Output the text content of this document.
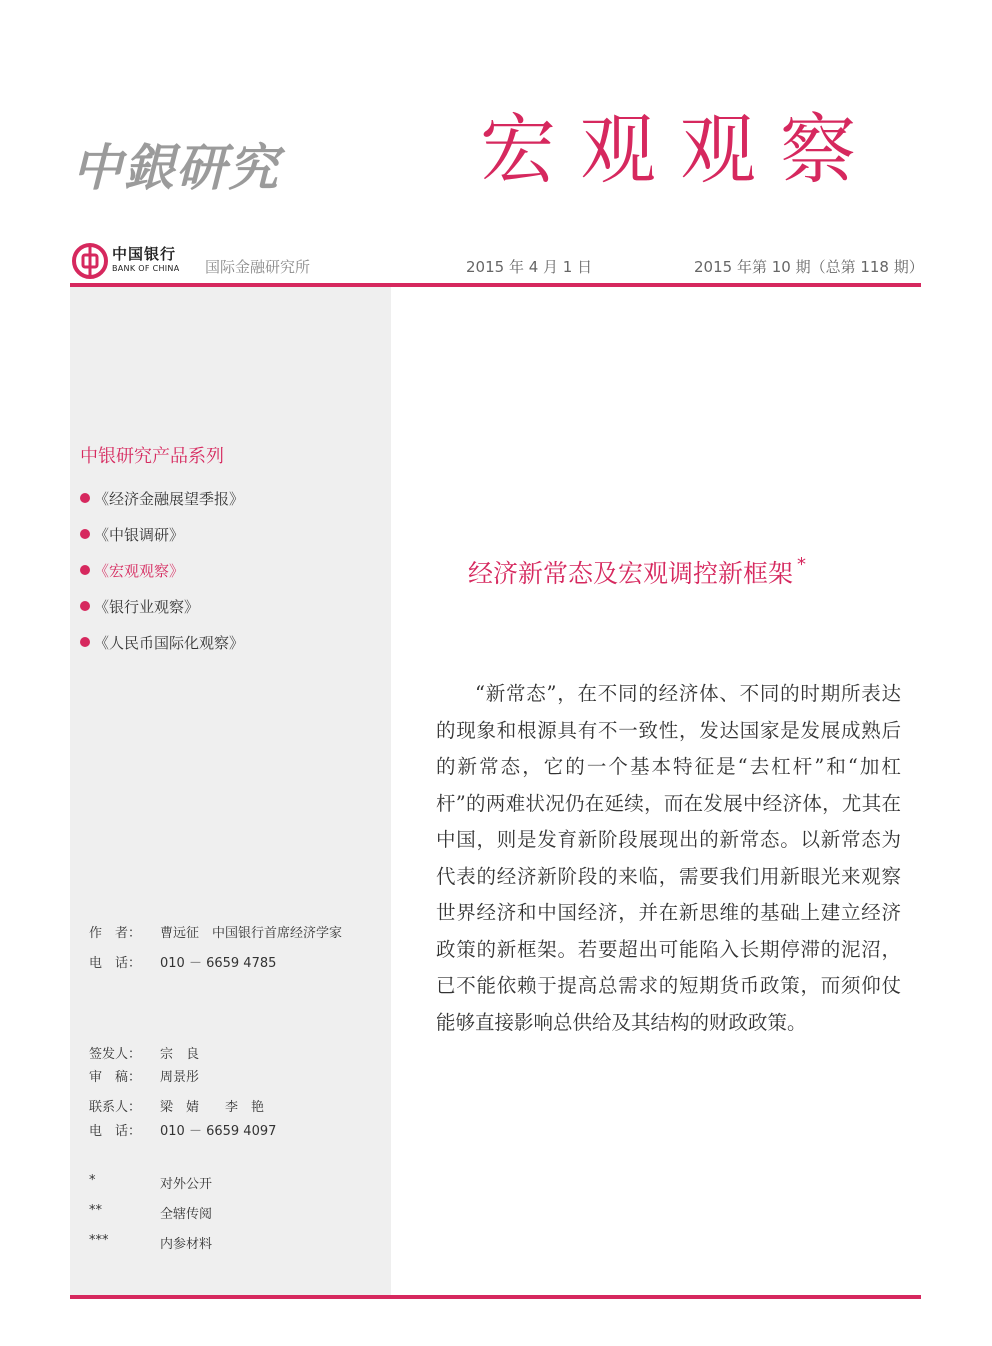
中銀研究	宏观观察
中国银行
BANK OF CHINA 国际金融研究所	2015 年 4 月 1 日	2015 年第 10 期（总第 118 期）
中银研究产品系列
《经济金融展望季报》
《中银调研》
《宏观观察》
《银行业观察》
《人民币国际化观察》
作　者： 曹远征　中国银行首席经济学家
电　话： 010 － 6659 4785
签发人： 宗　良
审　稿： 周景彤
联系人： 梁　婧　　李　艳
电　话： 010 － 6659 4097
*	对外公开
**	全辖传阅
***	内参材料
经济新常态及宏观调控新框架 *

“新常态”，在不同的经济体、不同的时期所表达的现象和根源具有不一致性，发达国家是发展成熟后的新常态，它的一个基本特征是“去杠杆”和“加杠杆”的两难状况仍在延续，而在发展中经济体，尤其在中国，则是发育新阶段展现出的新常态。以新常态为代表的经济新阶段的来临，需要我们用新眼光来观察世界经济和中国经济，并在新思维的基础上建立经济政策的新框架。若要超出可能陷入长期停滞的泥沼，已不能依赖于提高总需求的短期货币政策，而须仰仗能够直接影响总供给及其结构的财政政策。
